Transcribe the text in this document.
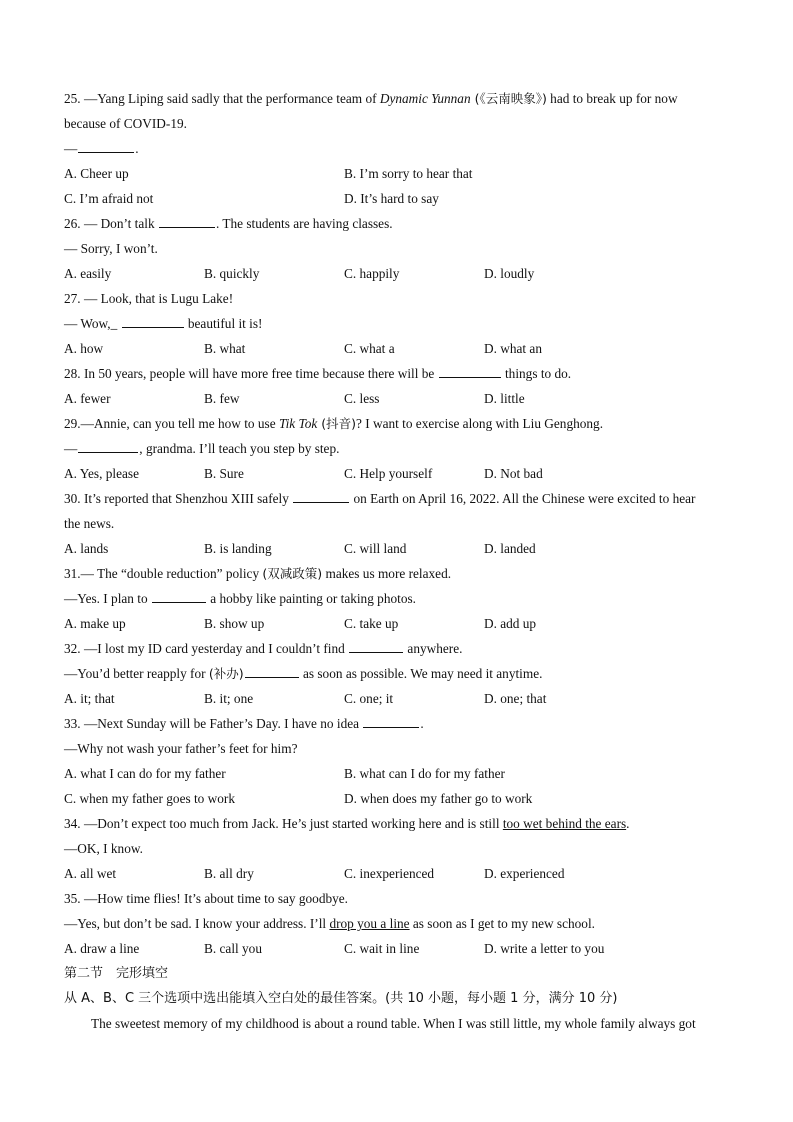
25. —Yang Liping said sadly that the performance team of Dynamic Yunnan (《云南映象》) had to break up for now
because of COVID-19.
—	.
A. Cheer up	B. I’m sorry to hear that
C. I’m afraid not	D. It’s hard to say
26. — Don’t talk	. The students are having classes.
— Sorry, I won’t.
A. easily	B. quickly	C. happily	D. loudly
27. — Look, that is Lugu Lake!
— Wow,_	beautiful it is!
A. how	B. what	C. what a	D. what an
28. In 50 years, people will have more free time because there will be	things to do.
A. fewer	B. few	C. less	D. little
29.—Annie, can you tell me how to use Tik Tok (抖音)? I want to exercise along with Liu Genghong.
—	, grandma. I’ll teach you step by step.
A. Yes, please	B. Sure	C. Help yourself	D. Not bad
30. It’s reported that Shenzhou XIII safely	on Earth on April 16, 2022. All the Chinese were excited to hear
the news.
A. lands	B. is landing	C. will land	D. landed
31.— The “double reduction” policy (双减政策) makes us more relaxed.
—Yes. I plan to	a hobby like painting or taking photos.
A. make up	B. show up	C. take up	D. add up
32. —I lost my ID card yesterday and I couldn’t find	anywhere.
—You’d better reapply for (补办)	as soon as possible. We may need it anytime.
A. it; that	B. it; one	C. one; it	D. one; that
33. —Next Sunday will be Father’s Day. I have no idea	.
—Why not wash your father’s feet for him?
A. what I can do for my father	B. what can I do for my father
C. when my father goes to work	D. when does my father go to work
34. —Don’t expect too much from Jack. He’s just started working here and is still too wet behind the ears.
—OK, I know.
A. all wet	B. all dry	C. inexperienced	D. experienced
35. —How time flies! It’s about time to say goodbye.
—Yes, but don’t be sad. I know your address. I’ll drop you a line as soon as I get to my new school.
A. draw a line	B. call you	C. wait in line	D. write a letter to you
第二节　完形填空
从 A、B、C 三个选项中选出能填入空白处的最佳答案。(共 10 小题，每小题 1 分，满分 10 分)
The sweetest memory of my childhood is about a round table. When I was still little, my whole family always got
